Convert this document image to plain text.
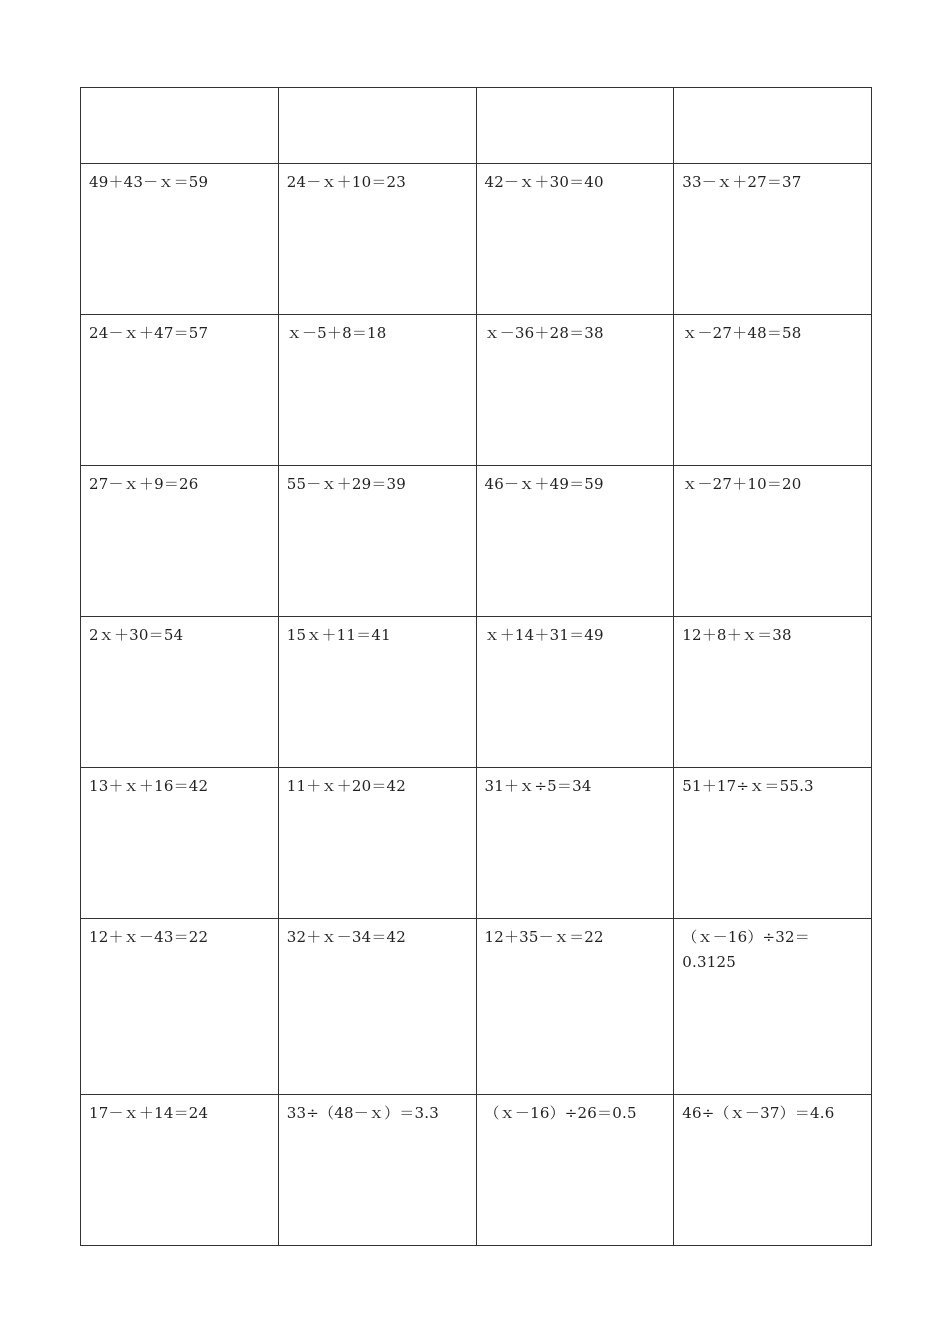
49＋43－ｘ＝59	24－ｘ＋10＝23	42－ｘ＋30＝40	33－ｘ＋27＝37
24－ｘ＋47＝57	ｘ－5＋8＝18	ｘ－36＋28＝38	ｘ－27＋48＝58
27－ｘ＋9＝26	55－ｘ＋29＝39	46－ｘ＋49＝59	ｘ－27＋10＝20
2ｘ＋30＝54	15ｘ＋11＝41	ｘ＋14＋31＝49	12＋8＋ｘ＝38
13＋ｘ＋16＝42	11＋ｘ＋20＝42	31＋ｘ÷5＝34	51＋17÷ｘ＝55.3
12＋ｘ－43＝22	32＋ｘ－34＝42	12＋35－ｘ＝22	（ｘ－16）÷32＝0.3125
17－ｘ＋14＝24	33÷（48－ｘ）＝3.3	（ｘ－16）÷26＝0.5	46÷（ｘ－37）＝4.6
